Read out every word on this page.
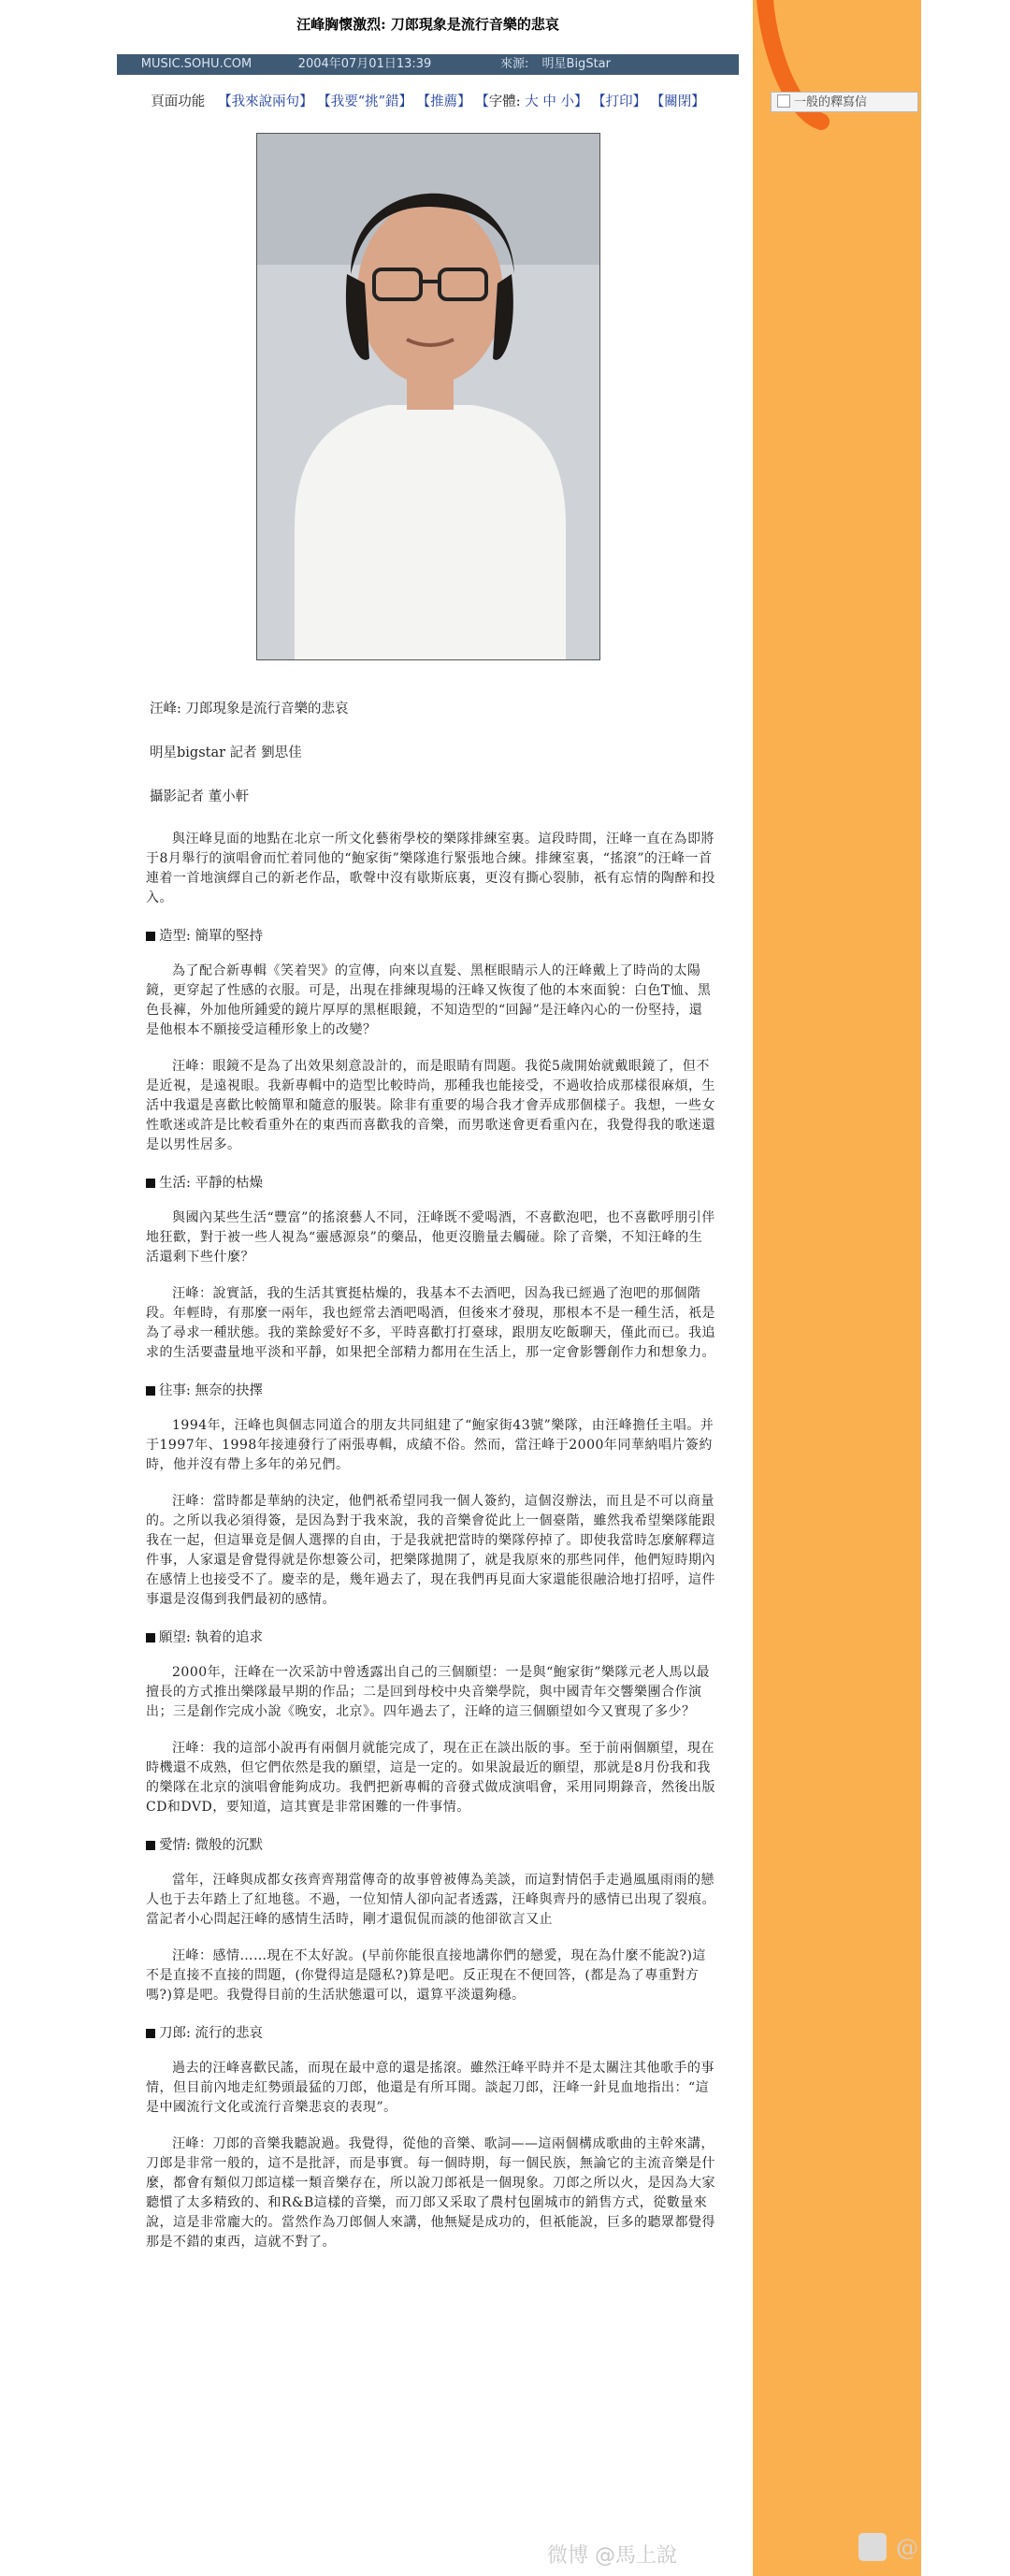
一般的釋寫信
汪峰胸懷激烈: 刀郎現象是流行音樂的悲哀
MUSIC.SOHU.COM	2004年07月01日13:39	來源: 明星BigStar
頁面功能 【我來說兩句】 【我要“挑”錯】 【推薦】 【字體: 大 中 小】 【打印】 【關閉】
汪峰: 刀郎現象是流行音樂的悲哀
明星bigstar 記者 劉思佳
攝影記者 董小軒

與汪峰見面的地點在北京一所文化藝術學校的樂隊排練室裏。這段時間，汪峰一直在為即將于8月舉行的演唱會而忙着同他的“鮑家街”樂隊進行緊張地合練。排練室裏，“搖滾”的汪峰一首連着一首地演繹自己的新老作品，歌聲中沒有歇斯底裏，更沒有撕心裂肺，祇有忘情的陶醉和投入。

造型: 簡單的堅持

為了配合新專輯《笑着哭》的宣傳，向來以直髮、黑框眼睛示人的汪峰戴上了時尚的太陽鏡，更穿起了性感的衣服。可是，出現在排練現場的汪峰又恢復了他的本來面貌：白色T恤、黑色長褲，外加他所鍾愛的鏡片厚厚的黑框眼鏡，不知造型的“回歸”是汪峰內心的一份堅持，還是他根本不願接受這種形象上的改變？

汪峰：眼鏡不是為了出效果刻意設計的，而是眼睛有問題。我從5歲開始就戴眼鏡了，但不是近視，是遠視眼。我新專輯中的造型比較時尚，那種我也能接受，不過收拾成那樣很麻煩，生活中我還是喜歡比較簡單和隨意的服裝。除非有重要的場合我才會弄成那個樣子。我想，一些女性歌迷或許是比較看重外在的東西而喜歡我的音樂，而男歌迷會更看重內在，我覺得我的歌迷還是以男性居多。

生活: 平靜的枯燥

與國內某些生活“豐富”的搖滾藝人不同，汪峰既不愛喝酒，不喜歡泡吧，也不喜歡呼朋引伴地狂歡，對于被一些人視為“靈感源泉”的藥品，他更沒膽量去觸碰。除了音樂，不知汪峰的生活還剩下些什麼？

汪峰：說實話，我的生活其實挺枯燥的，我基本不去酒吧，因為我已經過了泡吧的那個階段。年輕時，有那麼一兩年，我也經常去酒吧喝酒，但後來才發現，那根本不是一種生活，祇是為了尋求一種狀態。我的業餘愛好不多，平時喜歡打打臺球，跟朋友吃飯聊天，僅此而已。我追求的生活要盡量地平淡和平靜，如果把全部精力都用在生活上，那一定會影響創作力和想象力。

往事: 無奈的抉擇

1994年，汪峰也與個志同道合的朋友共同組建了“鮑家街43號”樂隊，由汪峰擔任主唱。并于1997年、1998年接連發行了兩張專輯，成績不俗。然而，當汪峰于2000年同華納唱片簽約時，他并沒有帶上多年的弟兄們。

汪峰：當時都是華納的決定，他們祇希望同我一個人簽約，這個沒辦法，而且是不可以商量的。之所以我必須得簽，是因為對于我來說，我的音樂會從此上一個臺階，雖然我希望樂隊能跟我在一起，但這畢竟是個人選擇的自由，于是我就把當時的樂隊停掉了。即使我當時怎麼解釋這件事，人家還是會覺得就是你想簽公司，把樂隊拋開了，就是我原來的那些同伴，他們短時期內在感情上也接受不了。慶幸的是，幾年過去了，現在我們再見面大家還能很融洽地打招呼，這件事還是沒傷到我們最初的感情。

願望: 執着的追求

2000年，汪峰在一次采訪中曾透露出自己的三個願望：一是與“鮑家街”樂隊元老人馬以最擅長的方式推出樂隊最早期的作品；二是回到母校中央音樂學院，與中國青年交響樂團合作演出；三是創作完成小說《晚安，北京》。四年過去了，汪峰的這三個願望如今又實現了多少？

汪峰：我的這部小說再有兩個月就能完成了，現在正在談出版的事。至于前兩個願望，現在時機還不成熟，但它們依然是我的願望，這是一定的。如果說最近的願望，那就是8月份我和我的樂隊在北京的演唱會能夠成功。我們把新專輯的音發式做成演唱會，采用同期錄音，然後出版CD和DVD，要知道，這其實是非常困難的一件事情。

愛情: 微般的沉默

當年，汪峰與成都女孩齊齊翔當傳奇的故事曾被傳為美談，而這對情侶手走過風風雨雨的戀人也于去年踏上了紅地毯。不過，一位知情人卻向記者透露，汪峰與齊丹的感情已出現了裂痕。當記者小心問起汪峰的感情生活時，剛才還侃侃而談的他卻欲言又止

汪峰：感情……現在不太好說。(早前你能很直接地講你們的戀愛，現在為什麼不能說?)這不是直接不直接的問題，(你覺得這是隱私?)算是吧。反正現在不便回答，(都是為了專重對方嗎?)算是吧。我覺得目前的生活狀態還可以，還算平淡還夠穩。

刀郎: 流行的悲哀

過去的汪峰喜歡民謠，而現在最中意的還是搖滾。雖然汪峰平時并不是太關注其他歌手的事情，但目前內地走紅勢頭最猛的刀郎，他還是有所耳聞。談起刀郎，汪峰一針見血地指出：“這是中國流行文化或流行音樂悲哀的表現”。

汪峰：刀郎的音樂我聽說過。我覺得，從他的音樂、歌詞——這兩個構成歌曲的主幹來講，刀郎是非常一般的，這不是批評，而是事實。每一個時期，每一個民族，無論它的主流音樂是什麼，都會有類似刀郎這樣一類音樂存在，所以說刀郎祇是一個現象。刀郎之所以火，是因為大家聽慣了太多精致的、和R&B這樣的音樂，而刀郎又采取了農村包圍城市的銷售方式，從數量來說，這是非常龐大的。當然作為刀郎個人來講，他無疑是成功的，但祇能說，巨多的聽眾都覺得那是不錯的東西，這就不對了。

微博 @馬上說	@
